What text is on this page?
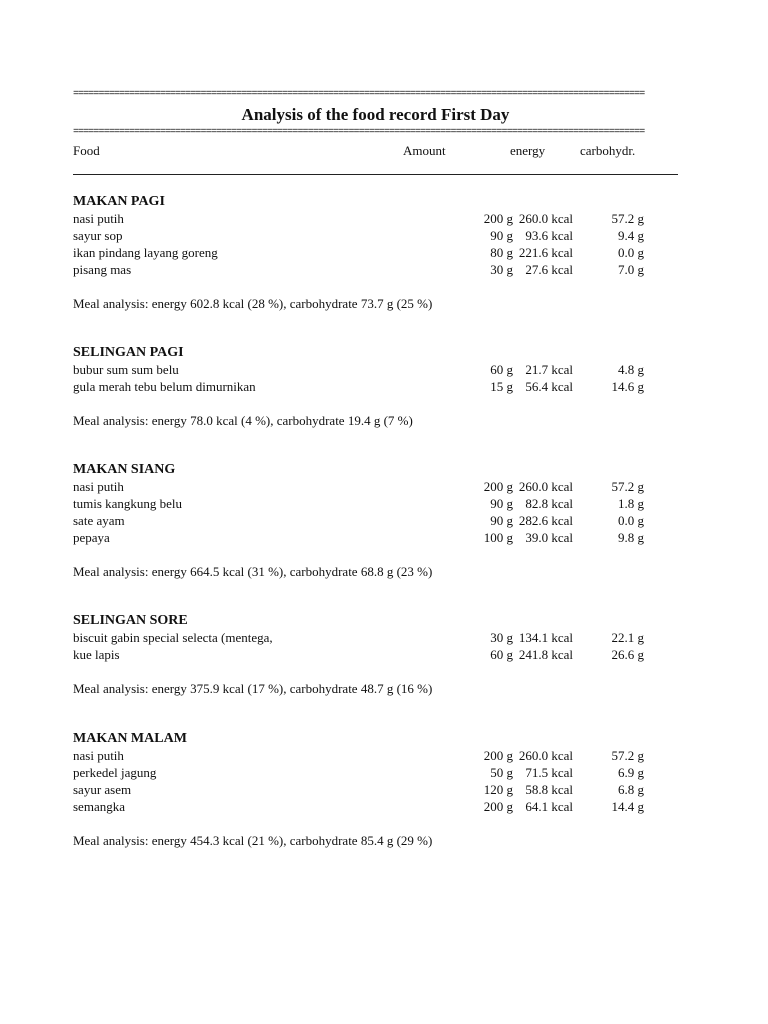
================================================================================================================
Analysis of the food record First Day
================================================================================================================
Food	Amount	energy	carbohydr.
MAKAN PAGI
nasi putih	200 g 260.0 kcal	57.2 g
sayur sop	90 g 93.6 kcal	9.4 g
ikan pindang layang goreng	80 g 221.6 kcal	0.0 g
pisang mas	30 g 27.6 kcal	7.0 g
Meal analysis: energy 602.8 kcal (28 %), carbohydrate 73.7 g (25 %)
SELINGAN PAGI
bubur sum sum belu	60 g 21.7 kcal	4.8 g
gula merah tebu belum dimurnikan	15 g 56.4 kcal	14.6 g
Meal analysis: energy 78.0 kcal (4 %), carbohydrate 19.4 g (7 %)
MAKAN SIANG
nasi putih	200 g 260.0 kcal	57.2 g
tumis kangkung belu	90 g 82.8 kcal	1.8 g
sate ayam	90 g 282.6 kcal	0.0 g
pepaya	100 g 39.0 kcal	9.8 g
Meal analysis: energy 664.5 kcal (31 %), carbohydrate 68.8 g (23 %)
SELINGAN SORE
biscuit gabin special selecta (mentega,	30 g 134.1 kcal	22.1 g
kue lapis	60 g 241.8 kcal	26.6 g
Meal analysis: energy 375.9 kcal (17 %), carbohydrate 48.7 g (16 %)
MAKAN MALAM
nasi putih	200 g 260.0 kcal	57.2 g
perkedel jagung	50 g 71.5 kcal	6.9 g
sayur asem	120 g 58.8 kcal	6.8 g
semangka	200 g 64.1 kcal	14.4 g
Meal analysis: energy 454.3 kcal (21 %), carbohydrate 85.4 g (29 %)
